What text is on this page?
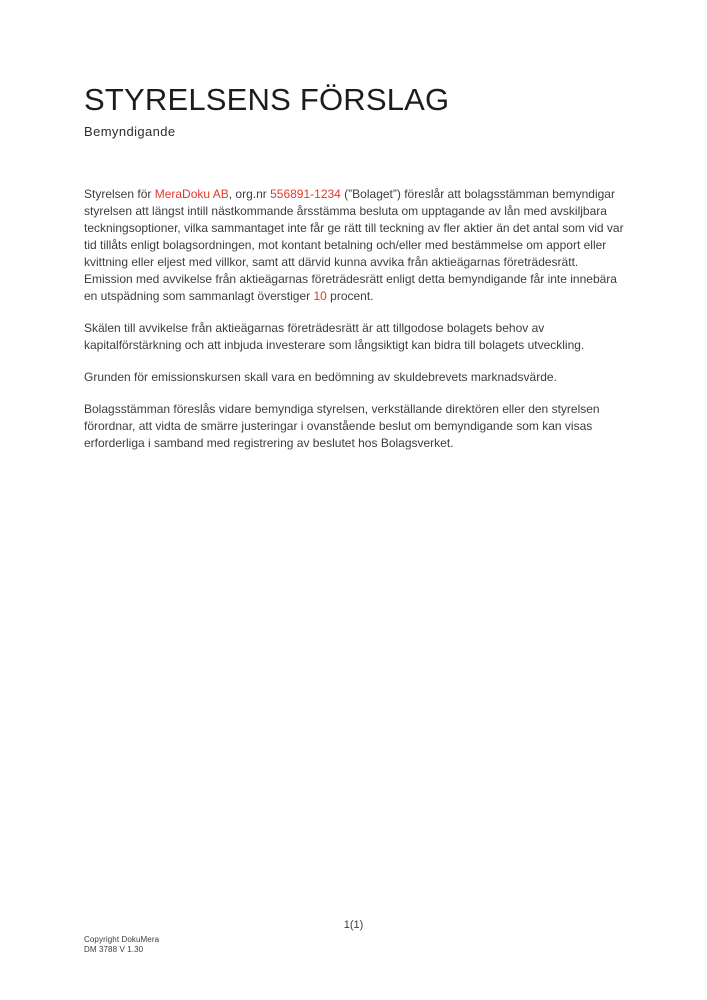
STYRELSENS FÖRSLAG
Bemyndigande

Styrelsen för MeraDoku AB, org.nr 556891-1234 (”Bolaget”) föreslår att bolagsstämman bemyndigar styrelsen att längst intill nästkommande årsstämma besluta om upptagande av lån med avskiljbara teckningsoptioner, vilka sammantaget inte får ge rätt till teckning av fler aktier än det antal som vid var tid tillåts enligt bolagsordningen, mot kontant betalning och/eller med bestämmelse om apport eller kvittning eller eljest med villkor, samt att därvid kunna avvika från aktieägarnas företrädesrätt. Emission med avvikelse från aktieägarnas företrädesrätt enligt detta bemyndigande får inte innebära en utspädning som sammanlagt överstiger 10 procent.

Skälen till avvikelse från aktieägarnas företrädesrätt är att tillgodose bolagets behov av kapitalförstärkning och att inbjuda investerare som långsiktigt kan bidra till bolagets utveckling.

Grunden för emissionskursen skall vara en bedömning av skuldebrevets marknadsvärde.

Bolagsstämman föreslås vidare bemyndiga styrelsen, verkställande direktören eller den styrelsen förordnar, att vidta de smärre justeringar i ovanstående beslut om bemyndigande som kan visas erforderliga i samband med registrering av beslutet hos Bolagsverket.

1(1)
Copyright DokuMera
DM 3788 V 1.30
